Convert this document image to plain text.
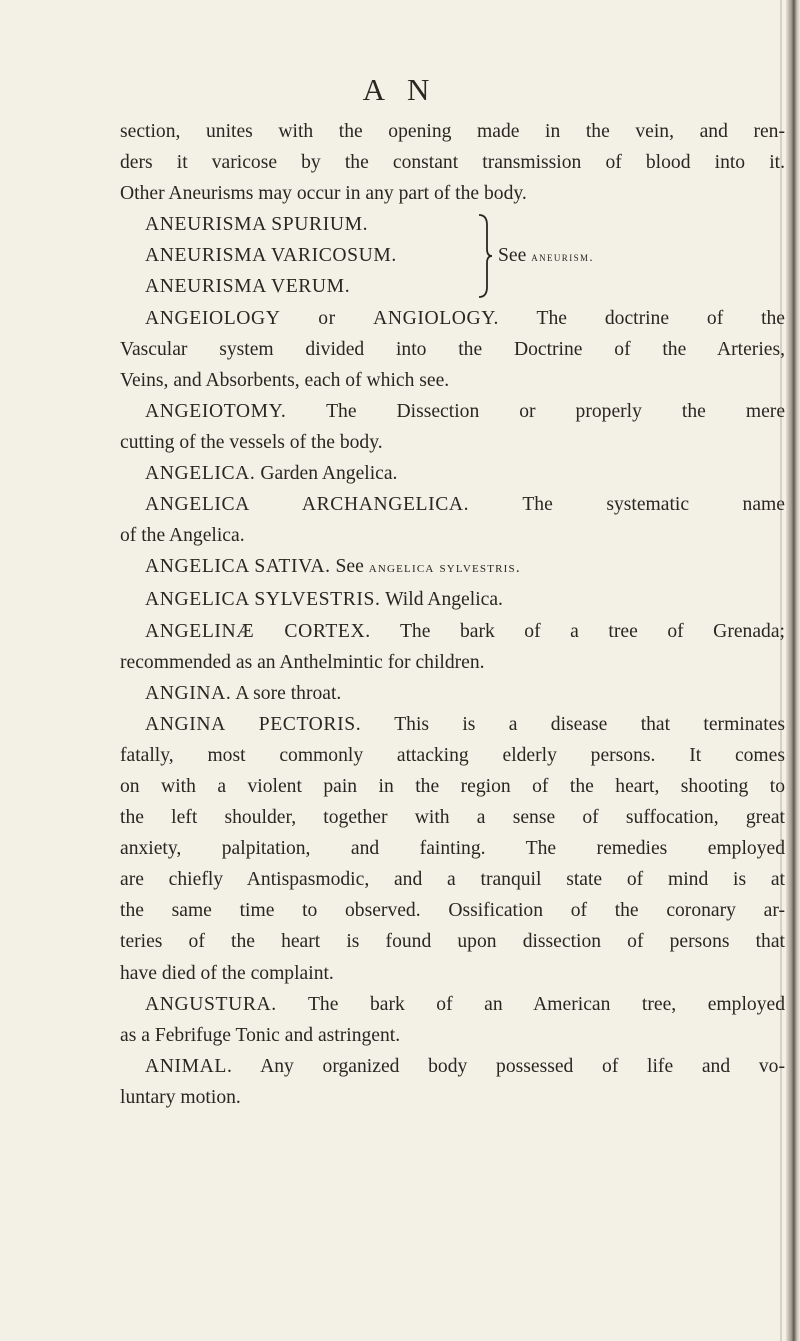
A N
section, unites with the opening made in the vein, and ren-
ders it varicose by the constant transmission of blood into it.
Other Aneurisms may occur in any part of the body.
ANEURISMA SPURIUM.
ANEURISMA VARICOSUM.
ANEURISMA VERUM.
See aneurism.
ANGEIOLOGY or ANGIOLOGY. The doctrine of the
Vascular system divided into the Doctrine of the Arteries,
Veins, and Absorbents, each of which see.
ANGEIOTOMY. The Dissection or properly the mere
cutting of the vessels of the body.
ANGELICA. Garden Angelica.
ANGELICA ARCHANGELICA.	The systematic name
of the Angelica.
ANGELICA SATIVA. See angelica sylvestris.
ANGELICA SYLVESTRIS. Wild Angelica.
ANGELINÆ CORTEX. The bark of a tree of Grenada;
recommended as an Anthelmintic for children.
ANGINA. A sore throat.
ANGINA PECTORIS. This is a disease that terminates
fatally, most commonly attacking elderly persons. It comes
on with a violent pain in the region of the heart, shooting to
the left shoulder, together with a sense of suffocation, great
anxiety, palpitation, and fainting. The remedies employed
are chiefly Antispasmodic, and a tranquil state of mind is at
the same time to observed. Ossification of the coronary ar-
teries of the heart is found upon dissection of persons that
have died of the complaint.
ANGUSTURA. The bark of an American tree, employed
as a Febrifuge Tonic and astringent.
ANIMAL. Any organized body possessed of life and vo-
luntary motion.
